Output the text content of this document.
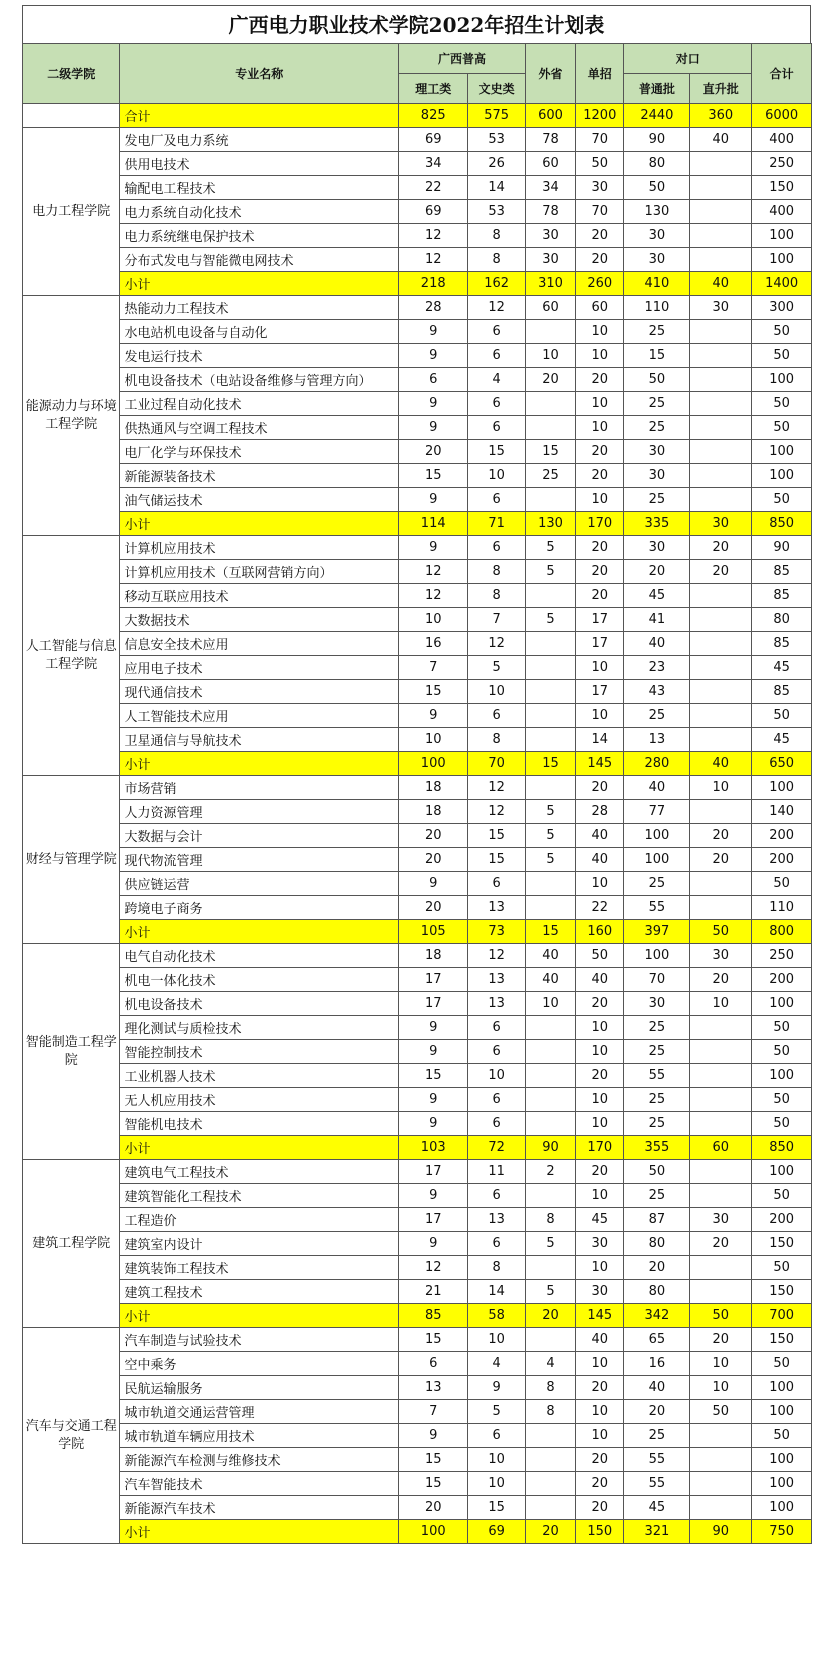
广西电力职业技术学院2022年招生计划表
二级学院	专业名称	广西普高		外省	单招	对口		合计
		理工类	文史类			普通批	直升批	
	合计	825	575	600	1200	2440	360	6000
电力工程学院	发电厂及电力系统	69	53	78	70	90	40	400
	供用电技术	34	26	60	50	80		250
	输配电工程技术	22	14	34	30	50		150
	电力系统自动化技术	69	53	78	70	130		400
	电力系统继电保护技术	12	8	30	20	30		100
	分布式发电与智能微电网技术	12	8	30	20	30		100
	小计	218	162	310	260	410	40	1400
能源动力与环境工程学院	热能动力工程技术	28	12	60	60	110	30	300
	水电站机电设备与自动化	9	6		10	25		50
	发电运行技术	9	6	10	10	15		50
	机电设备技术（电站设备维修与管理方向）	6	4	20	20	50		100
	工业过程自动化技术	9	6		10	25		50
	供热通风与空调工程技术	9	6		10	25		50
	电厂化学与环保技术	20	15	15	20	30		100
	新能源装备技术	15	10	25	20	30		100
	油气储运技术	9	6		10	25		50
	小计	114	71	130	170	335	30	850
人工智能与信息工程学院	计算机应用技术	9	6	5	20	30	20	90
	计算机应用技术（互联网营销方向）	12	8	5	20	20	20	85
	移动互联应用技术	12	8		20	45		85
	大数据技术	10	7	5	17	41		80
	信息安全技术应用	16	12		17	40		85
	应用电子技术	7	5		10	23		45
	现代通信技术	15	10		17	43		85
	人工智能技术应用	9	6		10	25		50
	卫星通信与导航技术	10	8		14	13		45
	小计	100	70	15	145	280	40	650
财经与管理学院	市场营销	18	12		20	40	10	100
	人力资源管理	18	12	5	28	77		140
	大数据与会计	20	15	5	40	100	20	200
	现代物流管理	20	15	5	40	100	20	200
	供应链运营	9	6		10	25		50
	跨境电子商务	20	13		22	55		110
	小计	105	73	15	160	397	50	800
智能制造工程学院	电气自动化技术	18	12	40	50	100	30	250
	机电一体化技术	17	13	40	40	70	20	200
	机电设备技术	17	13	10	20	30	10	100
	理化测试与质检技术	9	6		10	25		50
	智能控制技术	9	6		10	25		50
	工业机器人技术	15	10		20	55		100
	无人机应用技术	9	6		10	25		50
	智能机电技术	9	6		10	25		50
	小计	103	72	90	170	355	60	850
建筑工程学院	建筑电气工程技术	17	11	2	20	50		100
	建筑智能化工程技术	9	6		10	25		50
	工程造价	17	13	8	45	87	30	200
	建筑室内设计	9	6	5	30	80	20	150
	建筑装饰工程技术	12	8		10	20		50
	建筑工程技术	21	14	5	30	80		150
	小计	85	58	20	145	342	50	700
汽车与交通工程学院	汽车制造与试验技术	15	10		40	65	20	150
	空中乘务	6	4	4	10	16	10	50
	民航运输服务	13	9	8	20	40	10	100
	城市轨道交通运营管理	7	5	8	10	20	50	100
	城市轨道车辆应用技术	9	6		10	25		50
	新能源汽车检测与维修技术	15	10		20	55		100
	汽车智能技术	15	10		20	55		100
	新能源汽车技术	20	15		20	45		100
	小计	100	69	20	150	321	90	750
